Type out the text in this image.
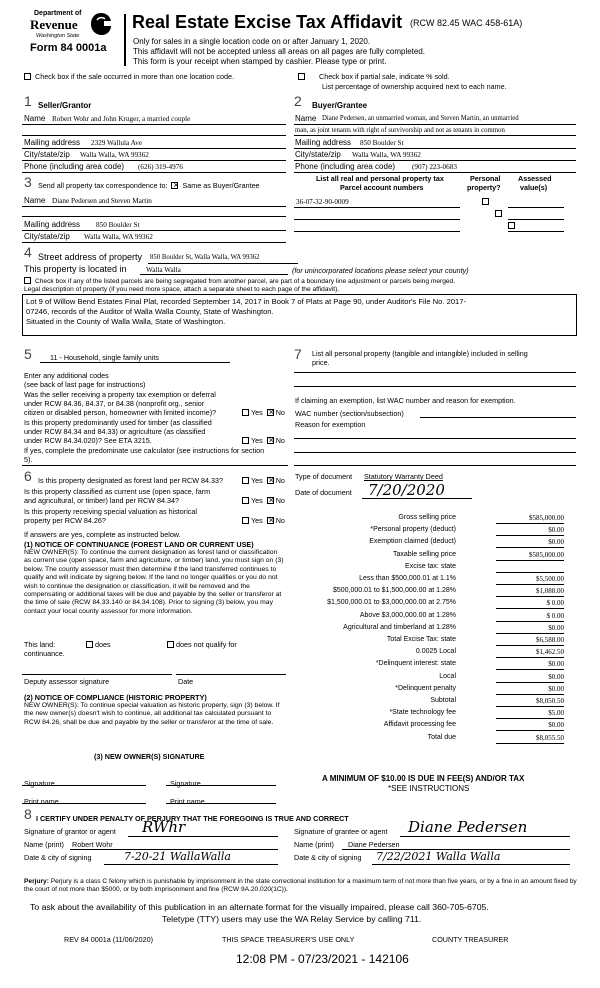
Department of
Revenue
Washington State
Form 84 0001a
Real Estate Excise Tax Affidavit (RCW 82.45 WAC 458-61A)
Only for sales in a single location code on or after January 1, 2020.
This affidavit will not be accepted unless all areas on all pages are fully completed.
This form is your receipt when stamped by cashier. Please type or print.
Check box if the sale occurred in more than one location code.	Check box if partial sale, indicate % sold.
List percentage of ownership acquired next to each name.
1 Seller/Grantor
Name Robert Wohr and John Kruger, a married couple
Mailing address 2329 Wallula Ave
City/state/zip Walla Walla, WA 99362
Phone (including area code) (626) 319-4976
2 Buyer/Grantee
Name Diane Pedersen, an unmarried woman, and Steven Martin, an unmarried
man, as joint tenants with right of survivorship and not as tenants in common
Mailing address 850 Boulder St
City/state/zip Walla Walla, WA 99362
Phone (including area code) (907) 223-0683
3 Send all property tax correspondence to: × Same as Buyer/Grantee
Name Diane Pedersen and Steven Martin
Mailing address 850 Boulder St
City/state/zip Walla Walla, WA 99362
List all real and personal property tax
Parcel account numbers
Personal
property?
Assessed
value(s)
36-07-32-90-0009

4 Street address of property 850 Boulder St, Walla Walla, WA 99362
This property is located in	Walla Walla	(for unincorporated locations please select your county)
Check box if any of the listed parcels are being segregated from another parcel, are part of a boundary line adjustment or parcels being merged.
Legal description of property (if you need more space, attach a separate sheet to each page of the affidavit).
Lot 9 of Willow Bend Estates Final Plat, recorded September 14, 2017 in Book 7 of Plats at Page 90, under Auditor's File No. 2017-
07246, records of the Auditor of Walla Walla County, State of Washington.
Situated in the County of Walla Walla, State of Washington.
5	11 - Household, single family units
Enter any additional codes
(see back of last page for instructions)
Was the seller receiving a property tax exemption or deferral
under RCW 84.36, 84.37, or 84.38 (nonprofit org., senior
citizen or disabled person, homeowner with limited income)?	Yes × No
Is this property predominantly used for timber (as classified
under RCW 84.34 and 84.33) or agriculture (as classified
under RCW 84.34.020)? See ETA 3215.	Yes × No
If yes, complete the predominate use calculator (see instructions for section
5).
7 List all personal property (tangible and intangible) included in selling
price.
If claiming an exemption, list WAC number and reason for exemption.
WAC number (section/subsection)
Reason for exemption
6 Is this property designated as forest land per RCW 84.33?	Yes × No
Is this property classified as current use (open space, farm
and agricultural, or timber) land per RCW 84.34?	Yes × No
Is this property receiving special valuation as historical
property per RCW 84.26?	Yes × No
If answers are yes, complete as instructed below.
(1) NOTICE OF CONTINUANCE (FOREST LAND OR CURRENT USE)
NEW OWNER(S): To continue the current designation as forest land or classification as current use (open space, farm and agriculture, or timber) land, you must sign on (3) below. The county assessor must then determine if the land transferred continues to qualify and will indicate by signing below. If the land no longer qualifies or you do not wish to continue the designation or classification, it will be removed and the compensating or additional taxes will be due and payable by the seller or transferor at the time of sale (RCW 84.33.140 or 84.34.108). Prior to signing (3) below, you may contact your local county assessor for more information.
This land:	does	does not qualify for
continuance.
Deputy assessor signature	Date
(2) NOTICE OF COMPLIANCE (HISTORIC PROPERTY)
NEW OWNER(S): To continue special valuation as historic property, sign (3) below. If the new owner(s) doesn't wish to continue, all additional tax calculated pursuant to RCW 84.26, shall be due and payable by the seller or transferor at the time of sale.
(3) NEW OWNER(S) SIGNATURE
Signature	Signature
Print name	Print name
Type of document Statutory Warranty Deed
Date of document 7/20/2020
Gross selling price	$585,000.00
*Personal property (deduct)	$0.00
Exemption claimed (deduct)	$0.00
Taxable selling price	$585,000.00
Excise tax: state
Less than $500,000.01 at 1.1%	$5,500.00
$500,000.01 to $1,500,000.00 at 1.28%	$1,088.00
$1,500,000.01 to $3,000,000.00 at 2.75%	$ 0.00
Above $3,000,000.00 at 1.28%	$ 0.00
Agricultural and timberland at 1.28%	$0.00
Total Excise Tax: state	$6,588.00
0.0025 Local	$1,462.50
*Delinquent interest: state	$0.00
Local	$0.00
*Delinquent penalty	$0.00
Subtotal	$8,050.50
*State technology fee	$5.00
Affidavit processing fee	$0.00
Total due	$8,055.50
A MINIMUM OF $10.00 IS DUE IN FEE(S) AND/OR TAX
*SEE INSTRUCTIONS
8 I CERTIFY UNDER PENALTY OF PERJURY THAT THE FOREGOING IS TRUE AND CORRECT
Signature of grantor or agent RWhr	Signature of grantee or agent Diane Pedersen
Name (print) Robert Wohr	Name (print) Diane Pedersen
Date & city of signing	7-20-21 WallaWalla	Date & city of signing 7/22/2021 Walla Walla
Perjury: Perjury is a class C felony which is punishable by imprisonment in the state correctional institution for a maximum term of not more than five years, or by a fine in an amount fixed by the court of not more than $5000, or by both imprisonment and fine (RCW 9A.20.020(1C)).
To ask about the availability of this publication in an alternate format for the visually impaired, please call 360-705-6705.
Teletype (TTY) users may use the WA Relay Service by calling 711.
REV 84 0001a (11/06/2020)	THIS SPACE TREASURER'S USE ONLY	COUNTY TREASURER
12:08 PM - 07/23/2021 - 142106
